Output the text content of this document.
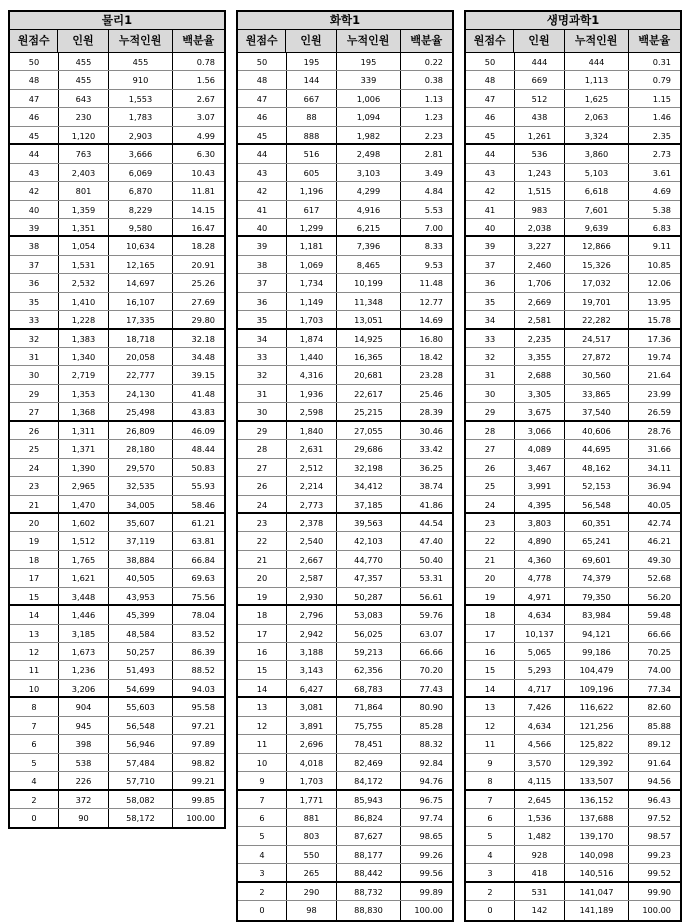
물리1
원점수	인원	누적인원	백분율
50	455	455	0.78
48	455	910	1.56
47	643	1,553	2.67
46	230	1,783	3.07
45	1,120	2,903	4.99
44	763	3,666	6.30
43	2,403	6,069	10.43
42	801	6,870	11.81
40	1,359	8,229	14.15
39	1,351	9,580	16.47
38	1,054	10,634	18.28
37	1,531	12,165	20.91
36	2,532	14,697	25.26
35	1,410	16,107	27.69
33	1,228	17,335	29.80
32	1,383	18,718	32.18
31	1,340	20,058	34.48
30	2,719	22,777	39.15
29	1,353	24,130	41.48
27	1,368	25,498	43.83
26	1,311	26,809	46.09
25	1,371	28,180	48.44
24	1,390	29,570	50.83
23	2,965	32,535	55.93
21	1,470	34,005	58.46
20	1,602	35,607	61.21
19	1,512	37,119	63.81
18	1,765	38,884	66.84
17	1,621	40,505	69.63
15	3,448	43,953	75.56
14	1,446	45,399	78.04
13	3,185	48,584	83.52
12	1,673	50,257	86.39
11	1,236	51,493	88.52
10	3,206	54,699	94.03
8	904	55,603	95.58
7	945	56,548	97.21
6	398	56,946	97.89
5	538	57,484	98.82
4	226	57,710	99.21
2	372	58,082	99.85
0	90	58,172	100.00
화학1
원점수	인원	누적인원	백분율
50	195	195	0.22
48	144	339	0.38
47	667	1,006	1.13
46	88	1,094	1.23
45	888	1,982	2.23
44	516	2,498	2.81
43	605	3,103	3.49
42	1,196	4,299	4.84
41	617	4,916	5.53
40	1,299	6,215	7.00
39	1,181	7,396	8.33
38	1,069	8,465	9.53
37	1,734	10,199	11.48
36	1,149	11,348	12.77
35	1,703	13,051	14.69
34	1,874	14,925	16.80
33	1,440	16,365	18.42
32	4,316	20,681	23.28
31	1,936	22,617	25.46
30	2,598	25,215	28.39
29	1,840	27,055	30.46
28	2,631	29,686	33.42
27	2,512	32,198	36.25
26	2,214	34,412	38.74
24	2,773	37,185	41.86
23	2,378	39,563	44.54
22	2,540	42,103	47.40
21	2,667	44,770	50.40
20	2,587	47,357	53.31
19	2,930	50,287	56.61
18	2,796	53,083	59.76
17	2,942	56,025	63.07
16	3,188	59,213	66.66
15	3,143	62,356	70.20
14	6,427	68,783	77.43
13	3,081	71,864	80.90
12	3,891	75,755	85.28
11	2,696	78,451	88.32
10	4,018	82,469	92.84
9	1,703	84,172	94.76
7	1,771	85,943	96.75
6	881	86,824	97.74
5	803	87,627	98.65
4	550	88,177	99.26
3	265	88,442	99.56
2	290	88,732	99.89
0	98	88,830	100.00
생명과학1
원점수	인원	누적인원	백분율
50	444	444	0.31
48	669	1,113	0.79
47	512	1,625	1.15
46	438	2,063	1.46
45	1,261	3,324	2.35
44	536	3,860	2.73
43	1,243	5,103	3.61
42	1,515	6,618	4.69
41	983	7,601	5.38
40	2,038	9,639	6.83
39	3,227	12,866	9.11
37	2,460	15,326	10.85
36	1,706	17,032	12.06
35	2,669	19,701	13.95
34	2,581	22,282	15.78
33	2,235	24,517	17.36
32	3,355	27,872	19.74
31	2,688	30,560	21.64
30	3,305	33,865	23.99
29	3,675	37,540	26.59
28	3,066	40,606	28.76
27	4,089	44,695	31.66
26	3,467	48,162	34.11
25	3,991	52,153	36.94
24	4,395	56,548	40.05
23	3,803	60,351	42.74
22	4,890	65,241	46.21
21	4,360	69,601	49.30
20	4,778	74,379	52.68
19	4,971	79,350	56.20
18	4,634	83,984	59.48
17	10,137	94,121	66.66
16	5,065	99,186	70.25
15	5,293	104,479	74.00
14	4,717	109,196	77.34
13	7,426	116,622	82.60
12	4,634	121,256	85.88
11	4,566	125,822	89.12
9	3,570	129,392	91.64
8	4,115	133,507	94.56
7	2,645	136,152	96.43
6	1,536	137,688	97.52
5	1,482	139,170	98.57
4	928	140,098	99.23
3	418	140,516	99.52
2	531	141,047	99.90
0	142	141,189	100.00
